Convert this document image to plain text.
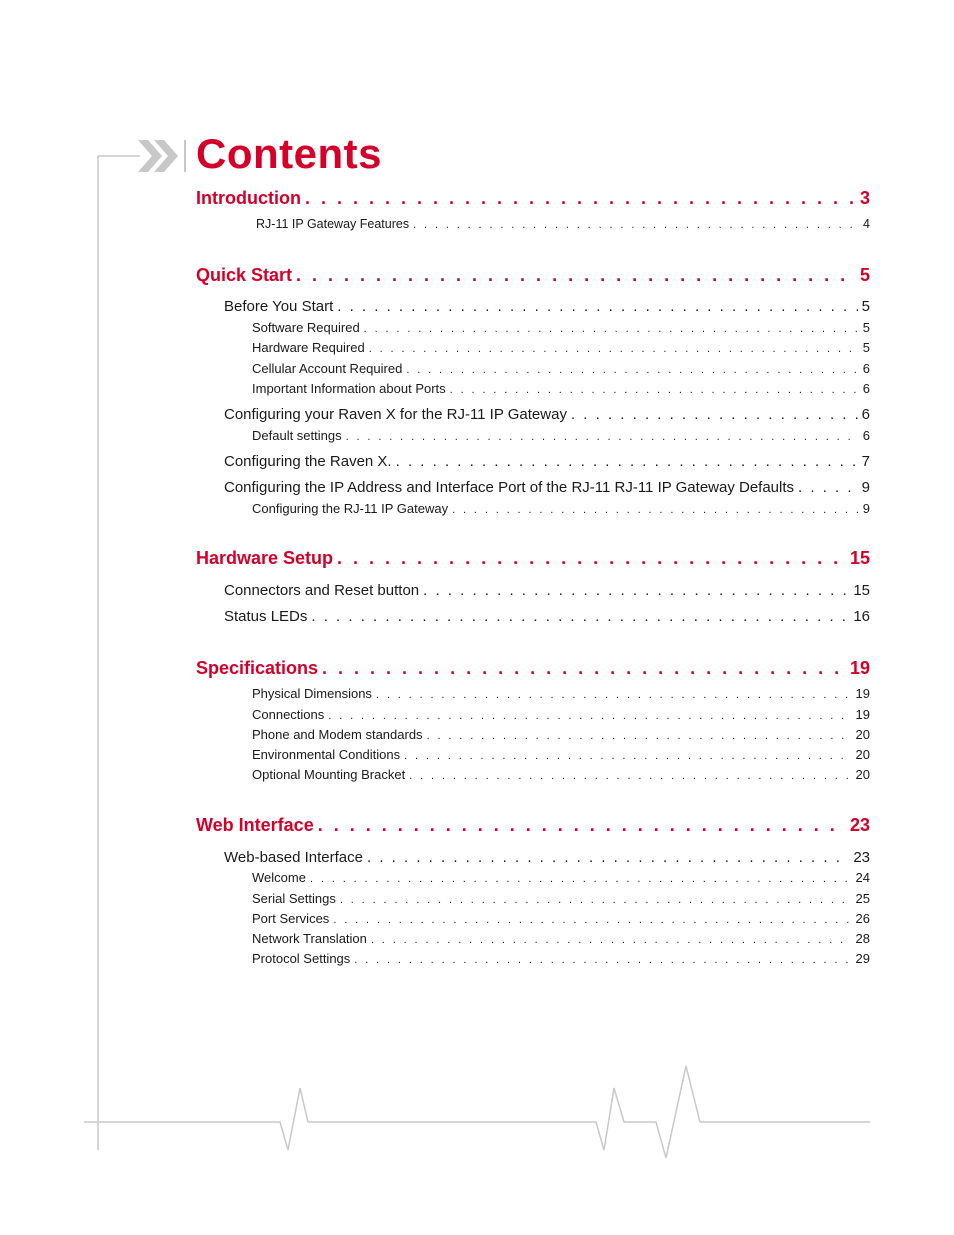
Contents
Introduction . . .	3
RJ-11 IP Gateway Features . . .	4
Quick Start . . .	5
Before You Start . . .	5
Software Required . . .	5
Hardware Required . . .	5
Cellular Account Required . . .	6
Important Information about Ports . . .	6
Configuring your Raven X for the RJ-11 IP Gateway . . .	6
Default settings . . .	6
Configuring the Raven X. . . .	7
Configuring the IP Address and Interface Port of the RJ-11 RJ-11 IP Gateway Defaults . . .	9
Configuring the RJ-11 IP Gateway . . .	9
Hardware Setup . . .	15
Connectors and Reset button . . .	15
Status LEDs . . .	16
Specifications . . .	19
Physical Dimensions . . .	19
Connections . . .	19
Phone and Modem standards . . .	20
Environmental Conditions . . .	20
Optional Mounting Bracket . . .	20
Web Interface . . .	23
Web-based Interface . . .	23
Welcome . . .	24
Serial Settings . . .	25
Port Services . . .	26
Network Translation . . .	28
Protocol Settings . . .	29
